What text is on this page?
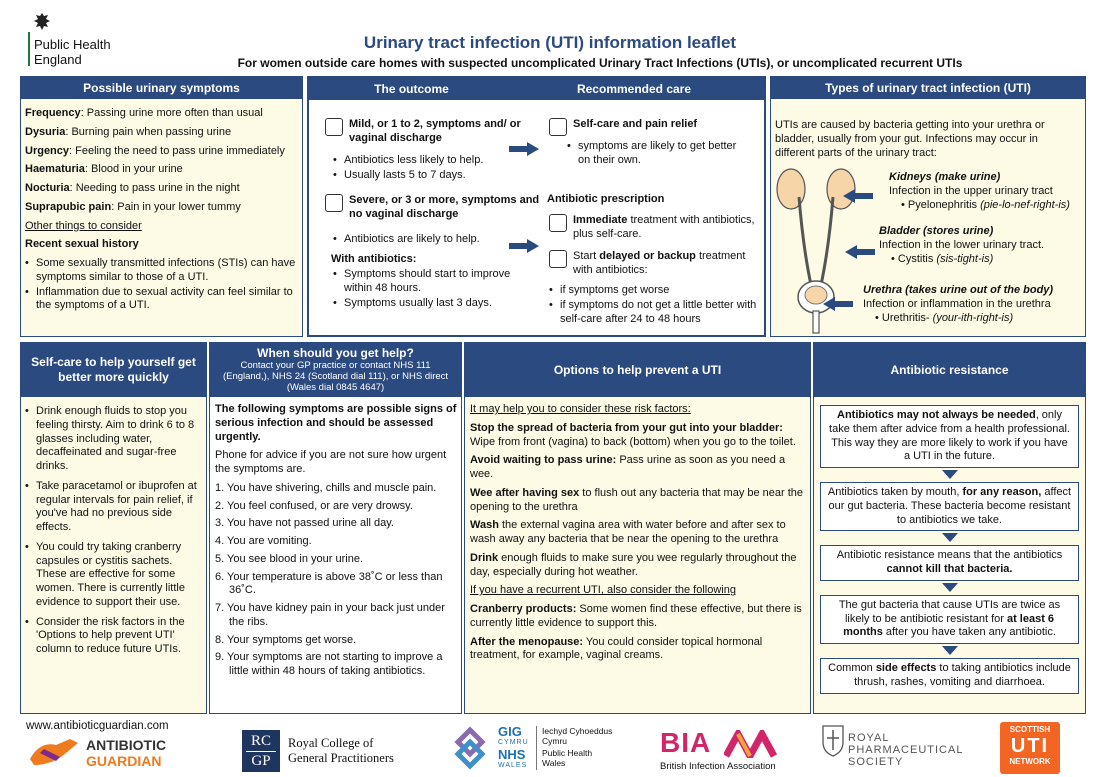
Public Health
England
Urinary tract infection (UTI) information leaflet
For women outside care homes with suspected uncomplicated Urinary Tract Infections (UTIs), or uncomplicated recurrent UTIs
Possible urinary symptoms
Frequency: Passing urine more often than usual
Dysuria: Burning pain when passing urine
Urgency: Feeling the need to pass urine immediately
Haematuria: Blood in your urine
Nocturia: Needing to pass urine in the night
Suprapubic pain: Pain in your lower tummy
Other things to consider
Recent sexual history
• Some sexually transmitted infections (STIs) can have symptoms similar to those of a UTI.
• Inflammation due to sexual activity can feel similar to the symptoms of a UTI.
The outcome	Recommended care
Mild, or 1 to 2, symptoms and/ or vaginal discharge
• Antibiotics less likely to help.
• Usually lasts 5 to 7 days.
Severe, or 3 or more, symptoms and no vaginal discharge
• Antibiotics are likely to help.
With antibiotics:
• Symptoms should start to improve within 48 hours.
• Symptoms usually last 3 days.
Self-care and pain relief
• symptoms are likely to get better on their own.
Antibiotic prescription
Immediate treatment with antibiotics, plus self-care.
Start delayed or backup treatment with antibiotics:
• if symptoms get worse
• if symptoms do not get a little better with self-care after 24 to 48 hours
Types of urinary tract infection (UTI)
UTIs are caused by bacteria getting into your urethra or bladder, usually from your gut. Infections may occur in different parts of the urinary tract:
Kidneys (make urine)
Infection in the upper urinary tract
• Pyelonephritis (pie-lo-nef-right-is)
Bladder (stores urine)
Infection in the lower urinary tract.
• Cystitis (sis-tight-is)
Urethra (takes urine out of the body)
Infection or inflammation in the urethra
• Urethritis- (your-ith-right-is)
Self-care to help yourself get better more quickly
• Drink enough fluids to stop you feeling thirsty. Aim to drink 6 to 8 glasses including water, decaffeinated and sugar-free drinks.
• Take paracetamol or ibuprofen at regular intervals for pain relief, if you've had no previous side effects.
• You could try taking cranberry capsules or cystitis sachets. These are effective for some women. There is currently little evidence to support their use.
• Consider the risk factors in the 'Options to help prevent UTI' column to reduce future UTIs.
When should you get help?
Contact your GP practice or contact NHS 111 (England,), NHS 24 (Scotland dial 111), or NHS direct (Wales dial 0845 4647)
The following symptoms are possible signs of serious infection and should be assessed urgently.
Phone for advice if you are not sure how urgent the symptoms are.
1. You have shivering, chills and muscle pain.
2. You feel confused, or are very drowsy.
3. You have not passed urine all day.
4. You are vomiting.
5. You see blood in your urine.
6. Your temperature is above 38˚C or less than 36˚C.
7. You have kidney pain in your back just under the ribs.
8. Your symptoms get worse.
9. Your symptoms are not starting to improve a little within 48 hours of taking antibiotics.
Options to help prevent a UTI
It may help you to consider these risk factors:
Stop the spread of bacteria from your gut into your bladder: Wipe from front (vagina) to back (bottom) when you go to the toilet.
Avoid waiting to pass urine: Pass urine as soon as you need a wee.
Wee after having sex to flush out any bacteria that may be near the opening to the urethra
Wash the external vagina area with water before and after sex to wash away any bacteria that be near the opening to the urethra
Drink enough fluids to make sure you wee regularly throughout the day, especially during hot weather.
If you have a recurrent UTI, also consider the following
Cranberry products: Some women find these effective, but there is currently little evidence to support this.
After the menopause: You could consider topical hormonal treatment, for example, vaginal creams.
Antibiotic resistance
Antibiotics may not always be needed, only take them after advice from a health professional. This way they are more likely to work if you have a UTI in the future.
Antibiotics taken by mouth, for any reason, affect our gut bacteria. These bacteria become resistant to antibiotics we take.
Antibiotic resistance means that the antibiotics cannot kill that bacteria.
The gut bacteria that cause UTIs are twice as likely to be antibiotic resistant for at least 6 months after you have taken any antibiotic.
Common side effects to taking antibiotics include thrush, rashes, vomiting and diarrhoea.
www.antibioticguardian.com
ANTIBIOTIC
GUARDIAN
RC
GP
Royal College of
General Practitioners
GIG
CYMRU
NHS
WALES
Iechyd Cyhoeddus
Cymru
Public Health
Wales
BIA
British Infection Association
ROYAL
PHARMACEUTICAL
SOCIETY
SCOTTISH
UTI
NETWORK
